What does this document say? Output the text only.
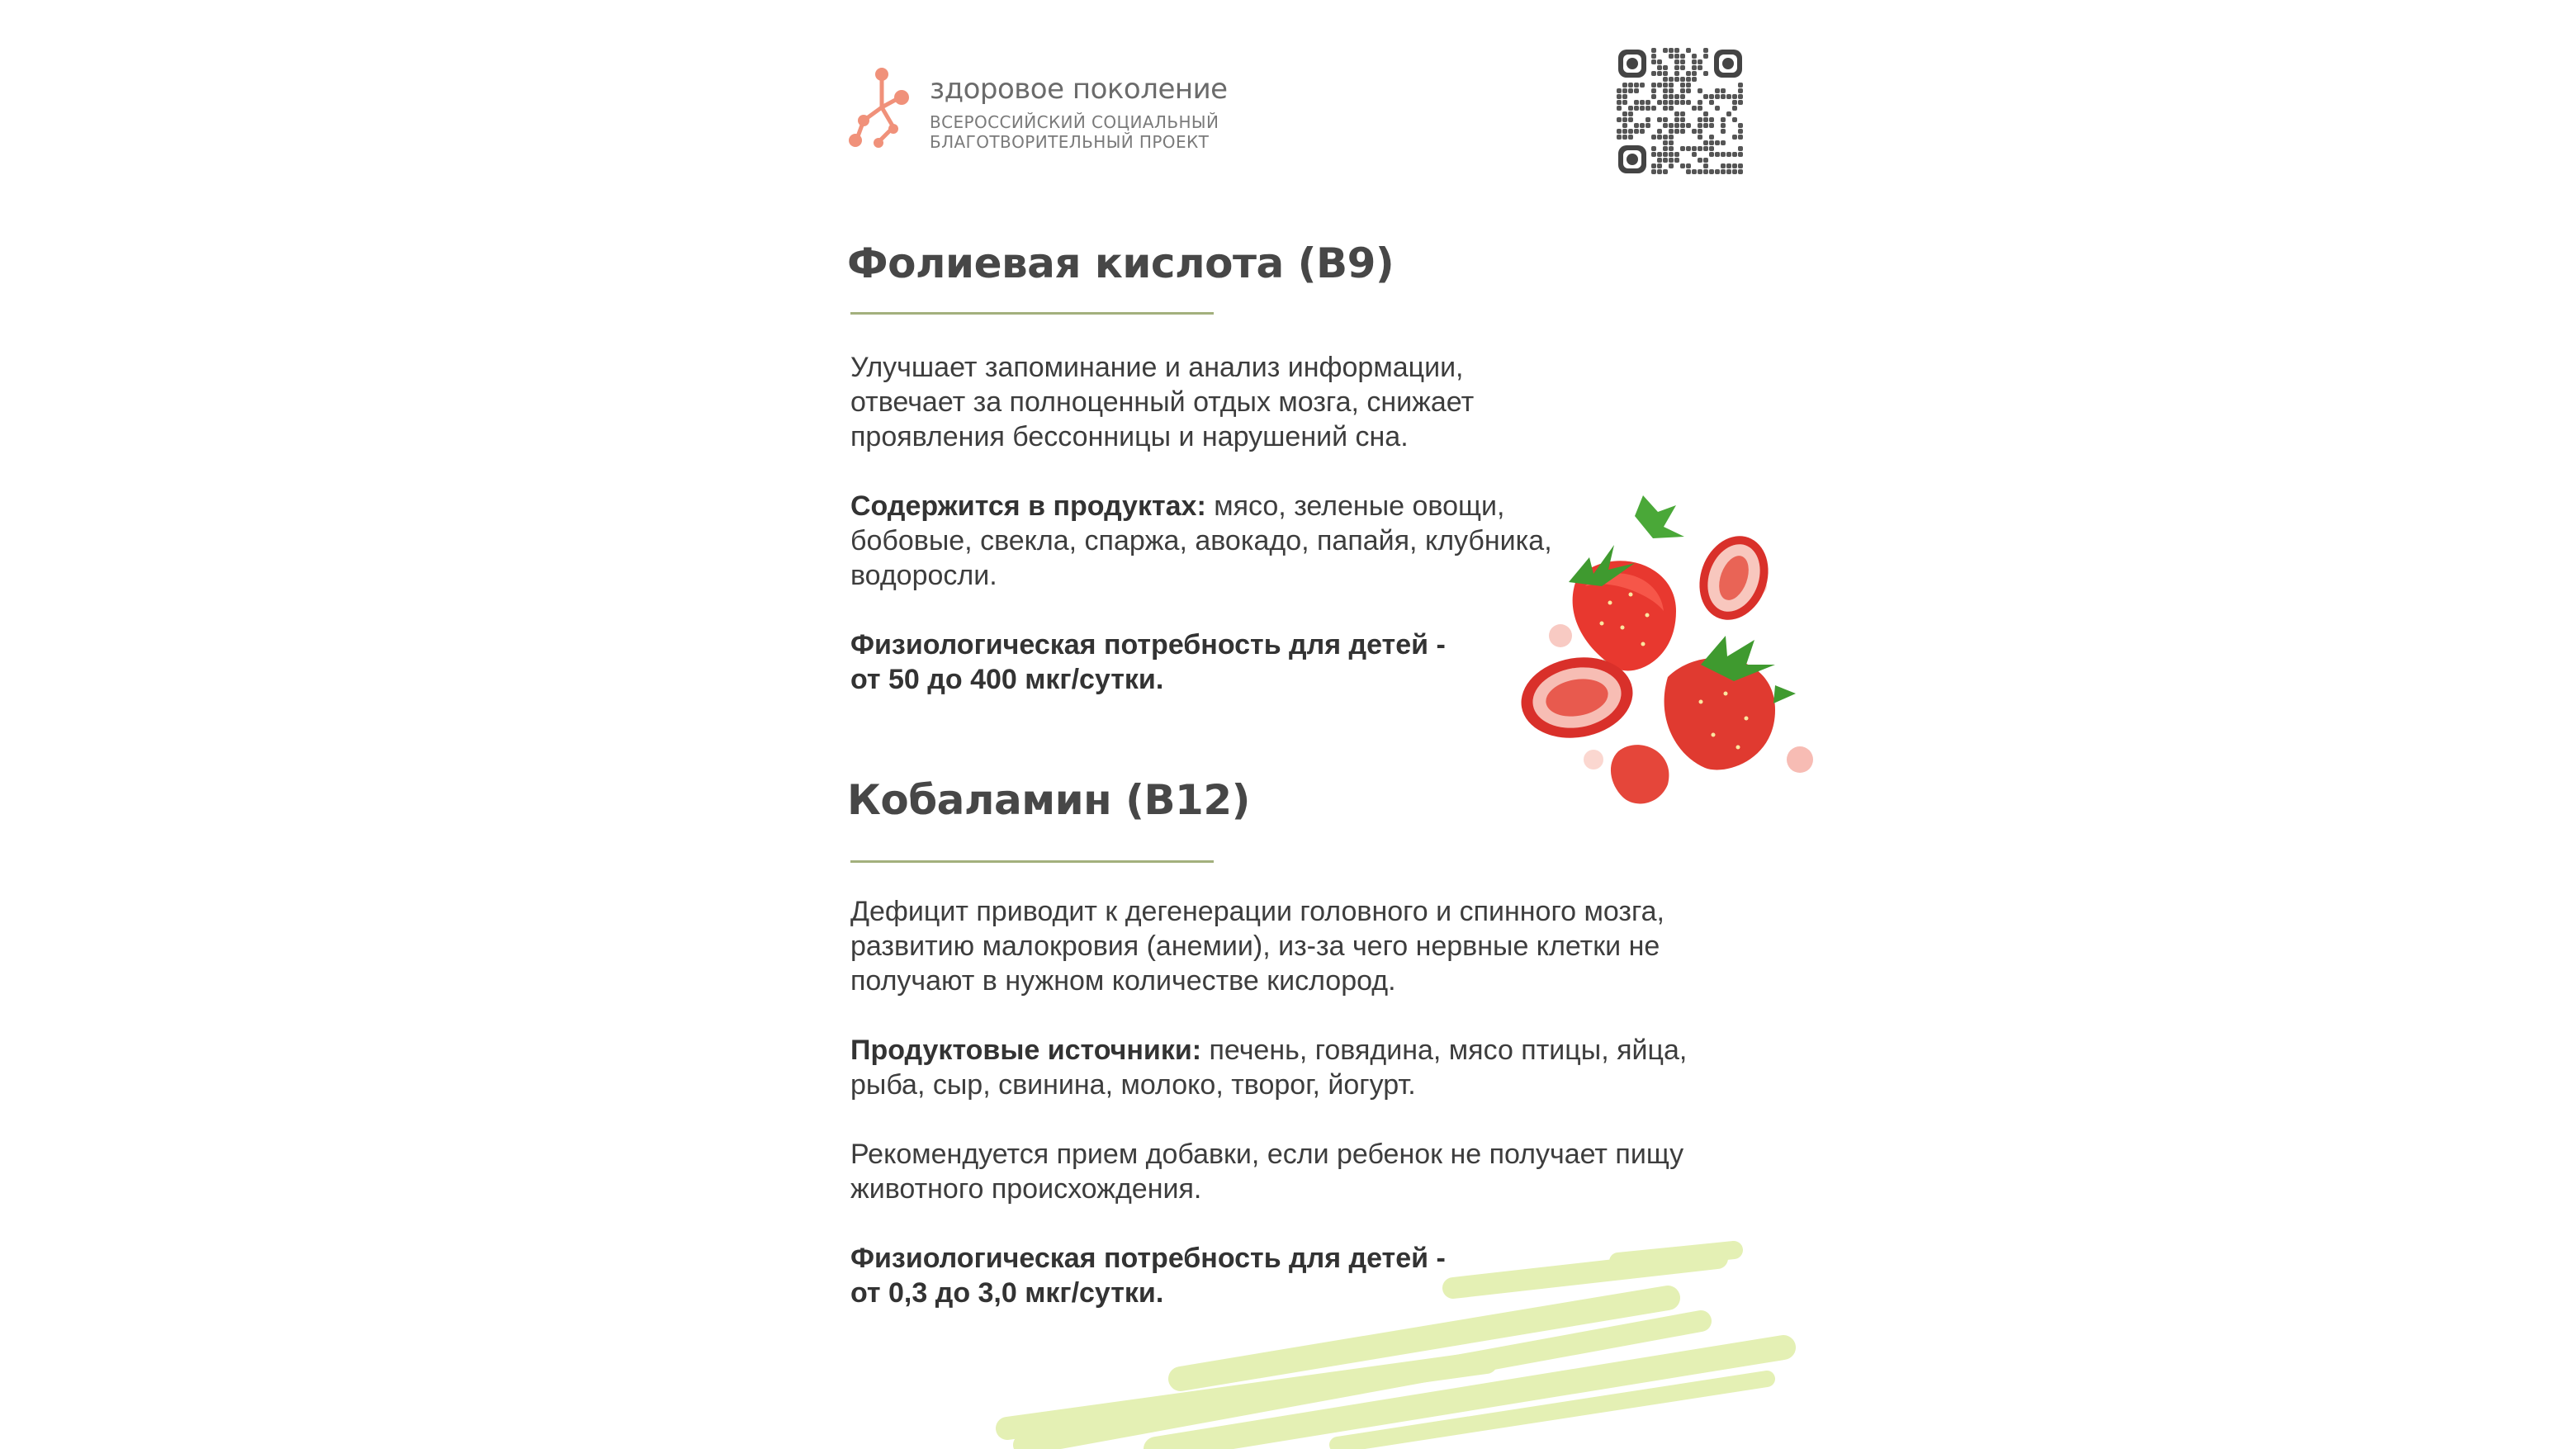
здоровое поколение
ВСЕРОССИЙСКИЙ СОЦИАЛЬНЫЙ
БЛАГОТВОРИТЕЛЬНЫЙ ПРОЕКТ
Фолиевая кислота (B9)
Улучшает запоминание и анализ информации,
отвечает за полноценный отдых мозга, снижает
проявления бессонницы и нарушений сна.
Содержится в продуктах: мясо, зеленые овощи,
бобовые, свекла, спаржа, авокадо, папайя, клубника,
водоросли.
Физиологическая потребность для детей -
от 50 до 400 мкг/сутки.
Кобаламин (B12)
Дефицит приводит к дегенерации головного и спинного мозга,
развитию малокровия (анемии), из-за чего нервные клетки не
получают в нужном количестве кислород.
Продуктовые источники: печень, говядина, мясо птицы, яйца,
рыба, сыр, свинина, молоко, творог, йогурт.
Рекомендуется прием добавки, если ребенок не получает пищу
животного происхождения.
Физиологическая потребность для детей -
от 0,3 до 3,0 мкг/сутки.
